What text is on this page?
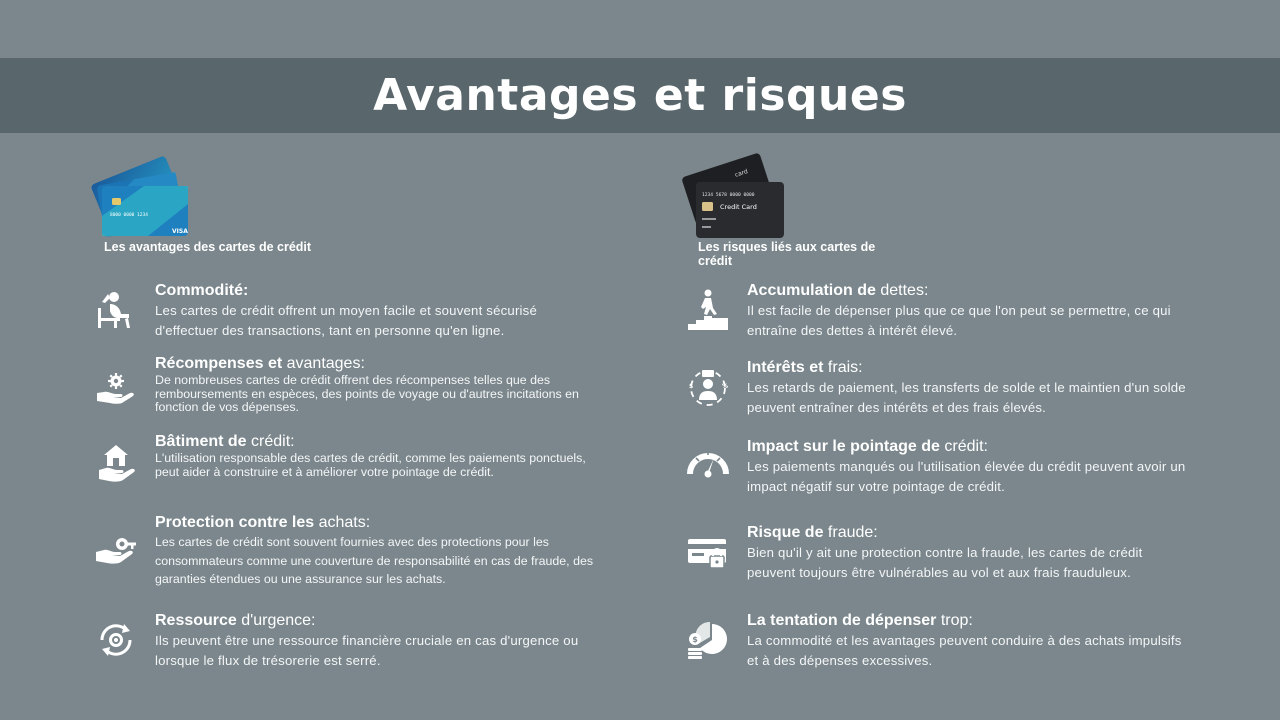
Avantages et risques
8000 0000 1234
VISA
Les avantages des cartes de crédit
card
1234 5678 0000 0000
Credit Card
Les risques liés aux cartes de crédit
Commodité:
Les cartes de crédit offrent un moyen facile et souvent sécurisé d'effectuer des transactions, tant en personne qu'en ligne.
Récompenses et avantages:
De nombreuses cartes de crédit offrent des récompenses telles que des remboursements en espèces, des points de voyage ou d'autres incitations en fonction de vos dépenses.
Bâtiment de crédit:
L'utilisation responsable des cartes de crédit, comme les paiements ponctuels, peut aider à construire et à améliorer votre pointage de crédit.
Protection contre les achats:
Les cartes de crédit sont souvent fournies avec des protections pour les consommateurs comme une couverture de responsabilité en cas de fraude, des garanties étendues ou une assurance sur les achats.
Ressource d'urgence:
Ils peuvent être une ressource financière cruciale en cas d'urgence ou lorsque le flux de trésorerie est serré.
Accumulation de dettes:
Il est facile de dépenser plus que ce que l'on peut se permettre, ce qui entraîne des dettes à intérêt élevé.
$	%
Intérêts et frais:
Les retards de paiement, les transferts de solde et le maintien d'un solde peuvent entraîner des intérêts et des frais élevés.
Impact sur le pointage de crédit:
Les paiements manqués ou l'utilisation élevée du crédit peuvent avoir un impact négatif sur votre pointage de crédit.
Risque de fraude:
Bien qu'il y ait une protection contre la fraude, les cartes de crédit peuvent toujours être vulnérables au vol et aux frais frauduleux.
$
La tentation de dépenser trop:
La commodité et les avantages peuvent conduire à des achats impulsifs et à des dépenses excessives.
